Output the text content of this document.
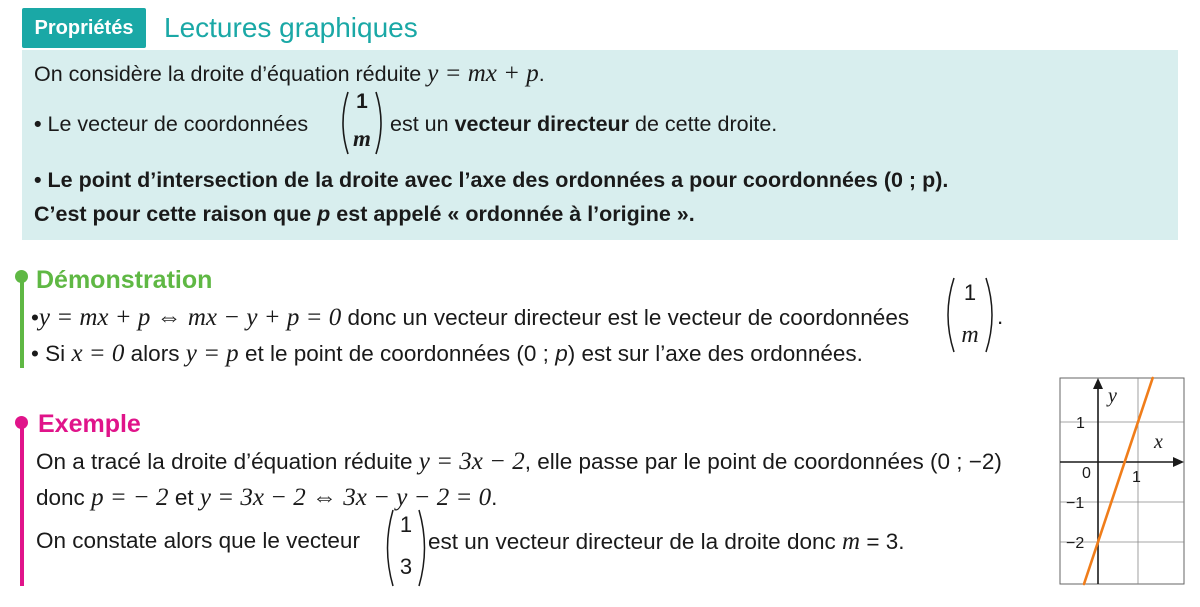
Propriétés	Lectures graphiques
On considère la droite d’équation réduite y = mx + p.
• Le vecteur de coordonnées
1
m
est un vecteur directeur de cette droite.
• Le point d’intersection de la droite avec l’axe des ordonnées a pour coordonnées (0 ; p).
C’est pour cette raison que p est appelé « ordonnée à l’origine ».
Démonstration
•y = mx + p ⇔ mx − y + p = 0 donc un vecteur directeur est le vecteur de coordonnées
1
m
.
• Si x = 0 alors y = p et le point de coordonnées (0 ; p) est sur l’axe des ordonnées.
Exemple
On a tracé la droite d’équation réduite y = 3x − 2, elle passe par le point de coordonnées (0 ; −2)
donc p = − 2 et y = 3x − 2 ⇔ 3x − y − 2 = 0.
On constate alors que le vecteur
1
3
est un vecteur directeur de la droite donc m = 3.
y
x
1
0	1
−1
−2
